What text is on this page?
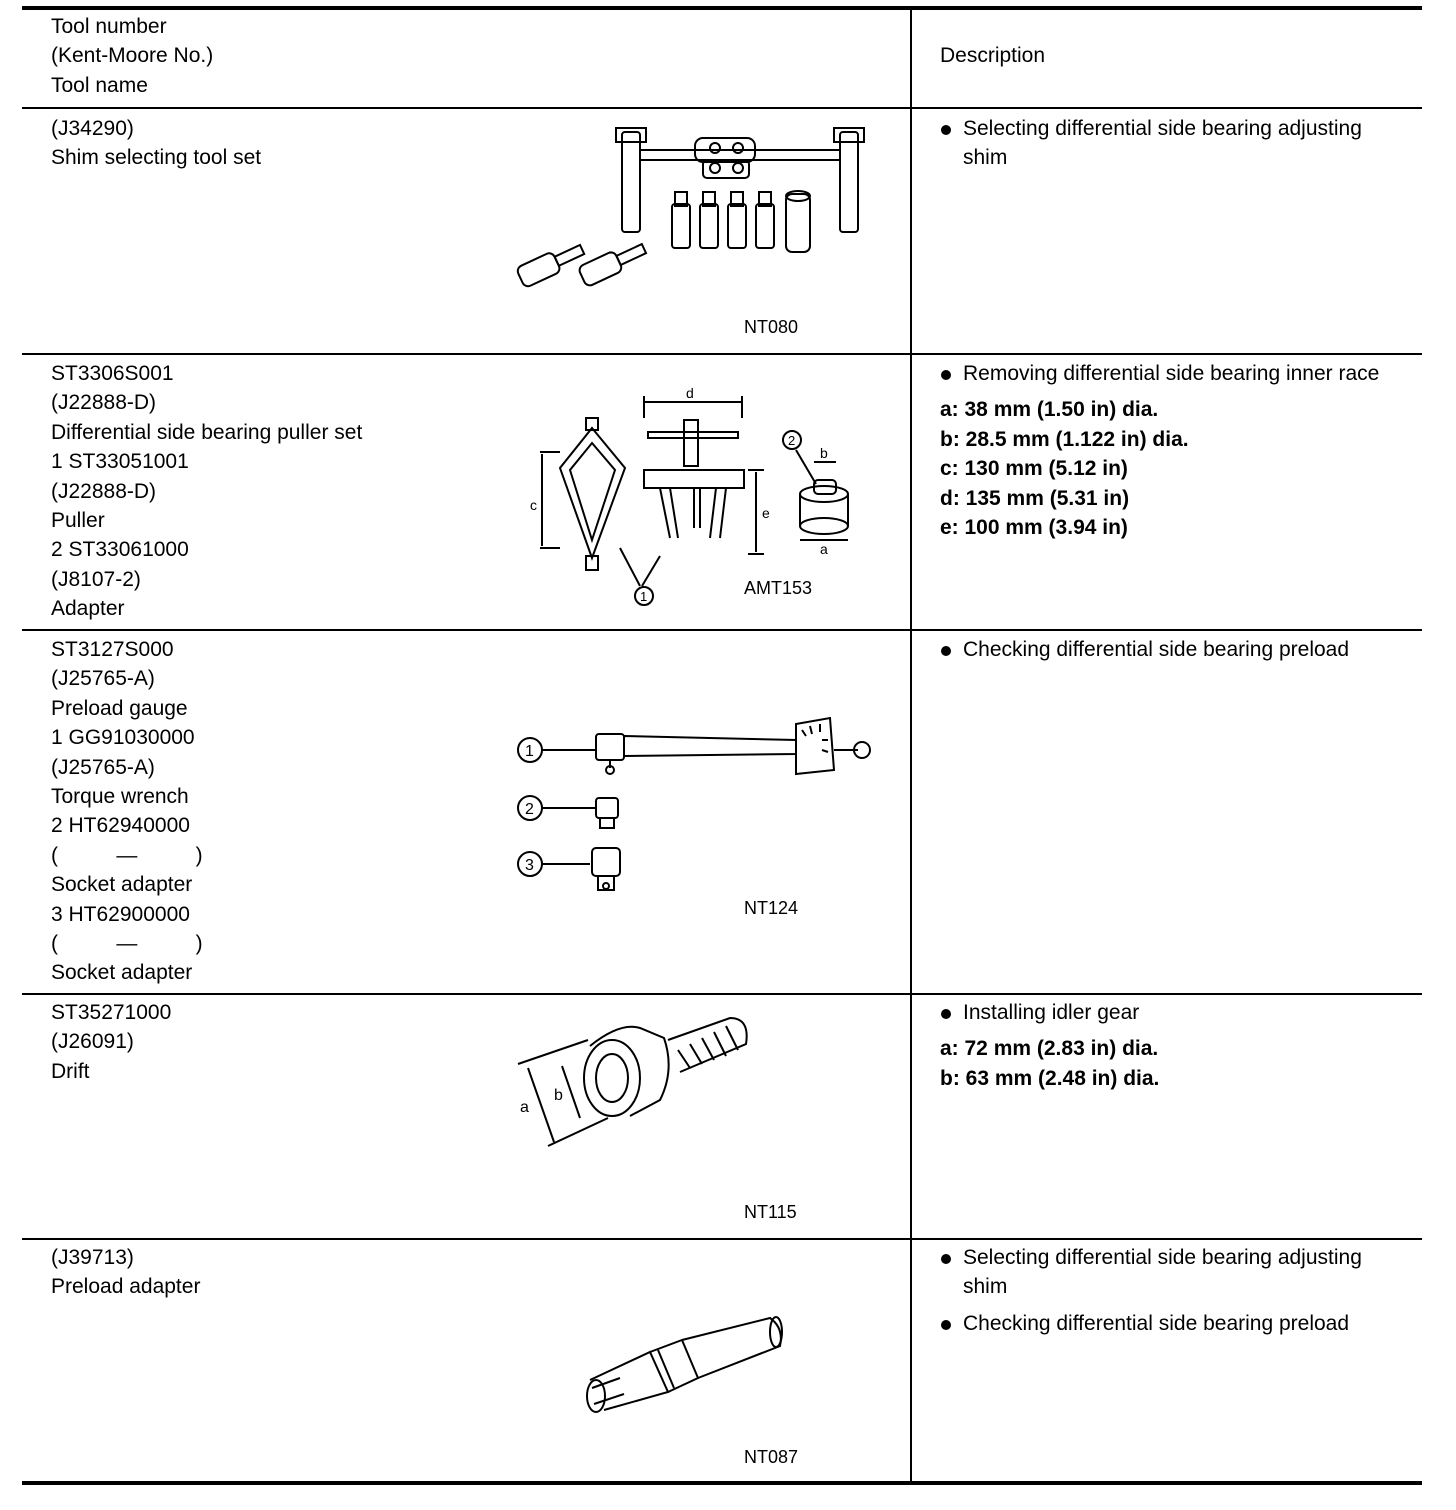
Tool number
(Kent-Moore No.)
Tool name
Description
(J34290)
Shim selecting tool set
NT080
Selecting differential side bearing adjusting shim
ST3306S001
(J22888-D)
Differential side bearing puller set
1 ST33051001
(J22888-D)
Puller
2 ST33061000
(J8107-2)
Adapter
c
d
e
1
2
b
a
AMT153
Removing differential side bearing inner race
a: 38 mm (1.50 in) dia.
b: 28.5 mm (1.122 in) dia.
c: 130 mm (5.12 in)
d: 135 mm (5.31 in)
e: 100 mm (3.94 in)
ST3127S000
(J25765-A)
Preload gauge
1 GG91030000
(J25765-A)
Torque wrench
2 HT62940000
(          —          )
Socket adapter
3 HT62900000
(          —          )
Socket adapter
1
2
3
NT124
Checking differential side bearing preload
ST35271000
(J26091)
Drift
a
b
NT115
Installing idler gear
a: 72 mm (2.83 in) dia.
b: 63 mm (2.48 in) dia.
(J39713)
Preload adapter
NT087
Selecting differential side bearing adjusting shim
Checking differential side bearing preload
